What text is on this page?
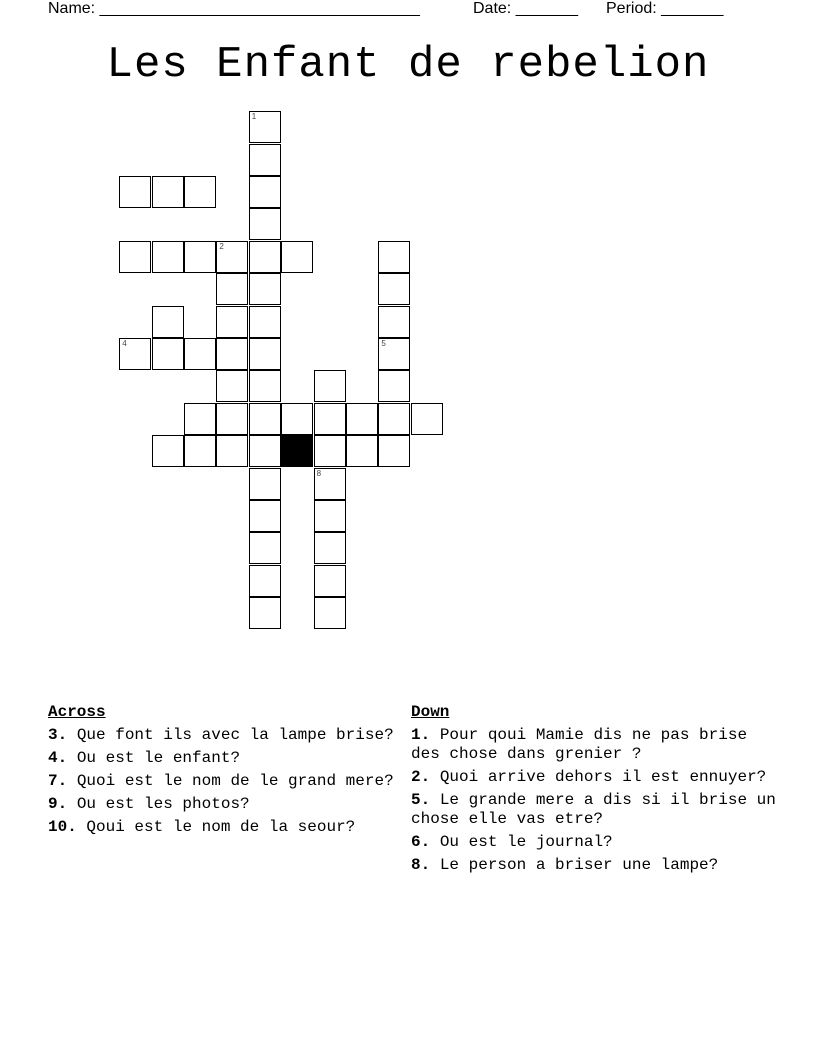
Name: ____________________________________	Date: _______ Period: _______
Les Enfant de rebelion
1
2
4	5
8
Across
3. Que font ils avec la lampe brise?
4. Ou est le enfant?
7. Quoi est le nom de le grand mere?
9. Ou est les photos?
10. Qoui est le nom de la seour?
Down
1. Pour qoui Mamie dis ne pas brise des chose dans grenier ?
2. Quoi arrive dehors il est ennuyer?
5. Le grande mere a dis si il brise un chose elle vas etre?
6. Ou est le journal?
8. Le person a briser une lampe?
